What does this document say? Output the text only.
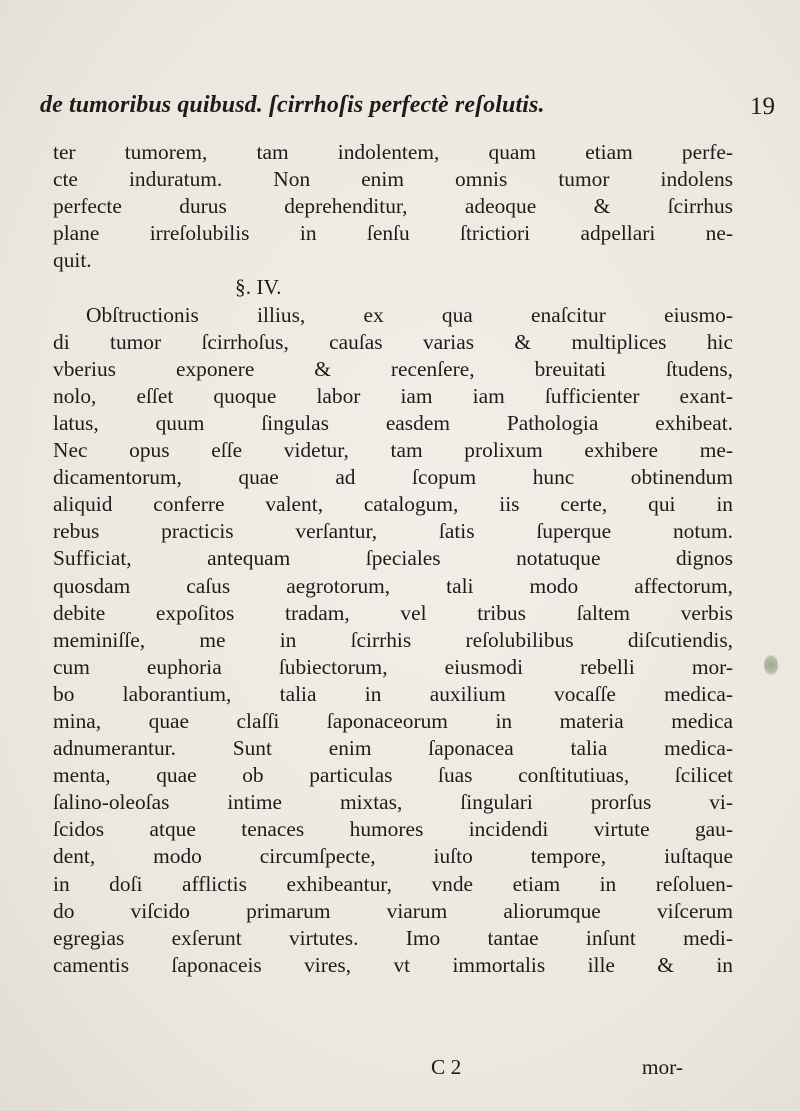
de tumoribus quibusd. ſcirrhoſis perfectè reſolutis.	19
ter tumorem, tam indolentem, quam etiam perfe-
cte induratum. Non enim omnis tumor indolens
perfecte durus deprehenditur, adeoque & ſcirrhus
plane irreſolubilis in ſenſu ſtrictiori adpellari ne-
quit.
§. IV.
Obſtructionis illius, ex qua enaſcitur eiusmo-
di tumor ſcirrhoſus, cauſas varias & multiplices hic
vberius exponere & recenſere, breuitati ſtudens,
nolo, eſſet quoque labor iam iam ſufficienter exant-
latus, quum ſingulas easdem Pathologia exhibeat.
Nec opus eſſe videtur, tam prolixum exhibere me-
dicamentorum, quae ad ſcopum hunc obtinendum
aliquid conferre valent, catalogum, iis certe, qui in
rebus practicis verſantur, ſatis ſuperque notum.
Sufficiat, antequam ſpeciales notatuque dignos
quosdam caſus aegrotorum, tali modo affectorum,
debite expoſitos tradam, vel tribus ſaltem verbis
meminiſſe, me in ſcirrhis reſolubilibus diſcutiendis,
cum euphoria ſubiectorum, eiusmodi rebelli mor-
bo laborantium, talia in auxilium vocaſſe medica-
mina, quae claſſi ſaponaceorum in materia medica
adnumerantur. Sunt enim ſaponacea talia medica-
menta, quae ob particulas ſuas conſtitutiuas, ſcilicet
ſalino-oleoſas intime mixtas, ſingulari prorſus vi-
ſcidos atque tenaces humores incidendi virtute gau-
dent, modo circumſpecte, iuſto tempore, iuſtaque
in doſi afflictis exhibeantur, vnde etiam in reſoluen-
do viſcido primarum viarum aliorumque viſcerum
egregias exſerunt virtutes. Imo tantae inſunt medi-
camentis ſaponaceis vires, vt immortalis ille & in
C 2	mor-
